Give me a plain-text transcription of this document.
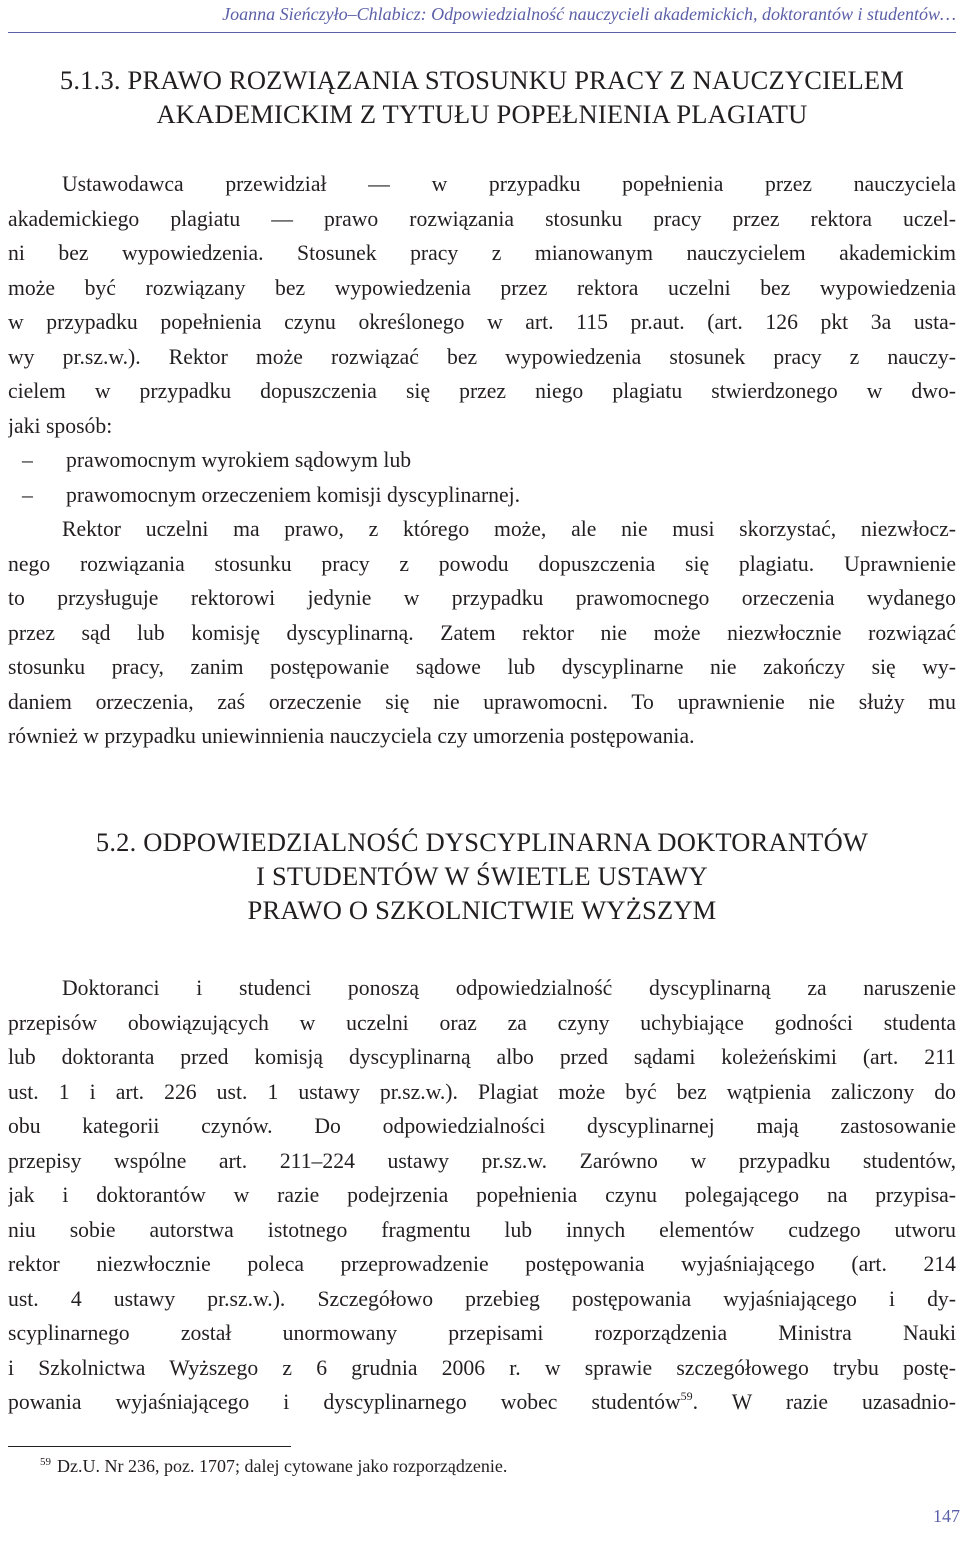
Joanna Sieńczyło–Chlabicz: Odpowiedzialność nauczycieli akademickich, doktorantów i studentów…
5.1.3. PRAWO ROZWIĄZANIA STOSUNKU PRACY Z NAUCZYCIELEM
AKADEMICKIM Z TYTUŁU POPEŁNIENIA PLAGIATU
Ustawodawca przewidział — w przypadku popełnienia przez nauczyciela
akademickiego plagiatu — prawo rozwiązania stosunku pracy przez rektora uczel-
ni bez wypowiedzenia. Stosunek pracy z mianowanym nauczycielem akademickim
może być rozwiązany bez wypowiedzenia przez rektora uczelni bez wypowiedzenia
w przypadku popełnienia czynu określonego w art. 115 pr.aut. (art. 126 pkt 3a usta-
wy pr.sz.w.). Rektor może rozwiązać bez wypowiedzenia stosunek pracy z nauczy-
cielem w przypadku dopuszczenia się przez niego plagiatu stwierdzonego w dwo-
jaki sposób:
– prawomocnym wyrokiem sądowym lub
– prawomocnym orzeczeniem komisji dyscyplinarnej.
Rektor uczelni ma prawo, z którego może, ale nie musi skorzystać, niezwłocz-
nego rozwiązania stosunku pracy z powodu dopuszczenia się plagiatu. Uprawnienie
to przysługuje rektorowi jedynie w przypadku prawomocnego orzeczenia wydanego
przez sąd lub komisję dyscyplinarną. Zatem rektor nie może niezwłocznie rozwiązać
stosunku pracy, zanim postępowanie sądowe lub dyscyplinarne nie zakończy się wy-
daniem orzeczenia, zaś orzeczenie się nie uprawomocni. To uprawnienie nie służy mu
również w przypadku uniewinnienia nauczyciela czy umorzenia postępowania.
5.2. ODPOWIEDZIALNOŚĆ DYSCYPLINARNA DOKTORANTÓW
I STUDENTÓW W ŚWIETLE USTAWY
PRAWO O SZKOLNICTWIE WYŻSZYM
Doktoranci i studenci ponoszą odpowiedzialność dyscyplinarną za naruszenie
przepisów obowiązujących w uczelni oraz za czyny uchybiające godności studenta
lub doktoranta przed komisją dyscyplinarną albo przed sądami koleżeńskimi (art. 211
ust. 1 i art. 226 ust. 1 ustawy pr.sz.w.). Plagiat może być bez wątpienia zaliczony do
obu kategorii czynów. Do odpowiedzialności dyscyplinarnej mają zastosowanie
przepisy wspólne art. 211–224 ustawy pr.sz.w. Zarówno w przypadku studentów,
jak i doktorantów w razie podejrzenia popełnienia czynu polegającego na przypisa-
niu sobie autorstwa istotnego fragmentu lub innych elementów cudzego utworu
rektor niezwłocznie poleca przeprowadzenie postępowania wyjaśniającego (art. 214
ust. 4 ustawy pr.sz.w.). Szczegółowo przebieg postępowania wyjaśniającego i dy-
scyplinarnego został unormowany przepisami rozporządzenia Ministra Nauki
i Szkolnictwa Wyższego z 6 grudnia 2006 r. w sprawie szczegółowego trybu postę-
powania wyjaśniającego i dyscyplinarnego wobec studentów$^{59}$. W razie uzasadnio-
$^{59}$ Dz.U. Nr 236, poz. 1707; dalej cytowane jako rozporządzenie.
147
